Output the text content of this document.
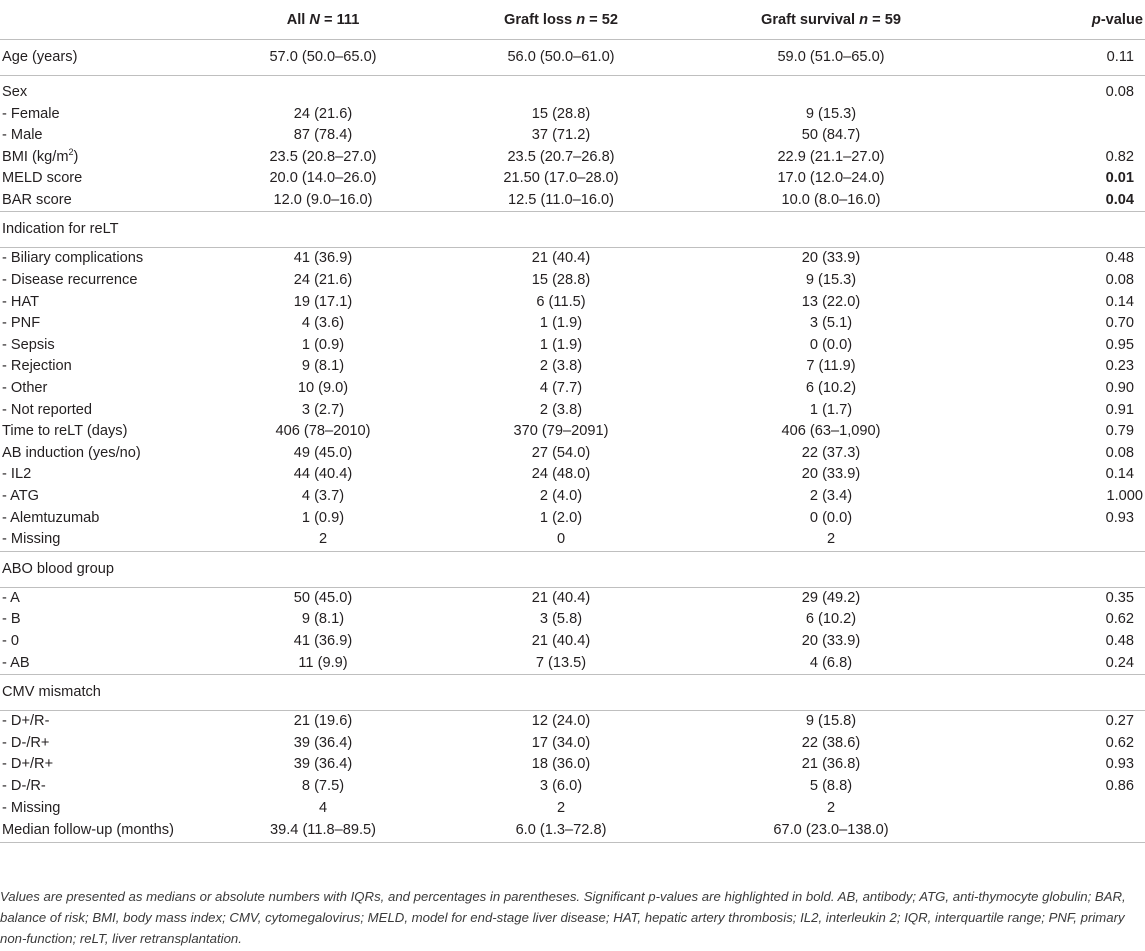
	All N = 111	Graft loss n = 52	Graft survival n = 59	p-value
Age (years)	57.0 (50.0–65.0)	56.0 (50.0–61.0)	59.0 (51.0–65.0)	0.11
Sex				0.08
- Female	24 (21.6)	15 (28.8)	9 (15.3)	
- Male	87 (78.4)	37 (71.2)	50 (84.7)	
BMI $(kg/m^2)$	23.5 (20.8–27.0)	23.5 (20.7–26.8)	22.9 (21.1–27.0)	0.82
MELD score	20.0 (14.0–26.0)	21.50 (17.0–28.0)	17.0 (12.0–24.0)	0.01
BAR score	12.0 (9.0–16.0)	12.5 (11.0–16.0)	10.0 (8.0–16.0)	0.04
Indication for reLT				
- Biliary complications	41 (36.9)	21 (40.4)	20 (33.9)	0.48
- Disease recurrence	24 (21.6)	15 (28.8)	9 (15.3)	0.08
- HAT	19 (17.1)	6 (11.5)	13 (22.0)	0.14
- PNF	4 (3.6)	1 (1.9)	3 (5.1)	0.70
- Sepsis	1 (0.9)	1 (1.9)	0 (0.0)	0.95
- Rejection	9 (8.1)	2 (3.8)	7 (11.9)	0.23
- Other	10 (9.0)	4 (7.7)	6 (10.2)	0.90
- Not reported	3 (2.7)	2 (3.8)	1 (1.7)	0.91
Time to reLT (days)	406 (78–2010)	370 (79–2091)	406 (63–1,090)	0.79
AB induction (yes/no)	49 (45.0)	27 (54.0)	22 (37.3)	0.08
- IL2	44 (40.4)	24 (48.0)	20 (33.9)	0.14
- ATG	4 (3.7)	2 (4.0)	2 (3.4)	1.000
- Alemtuzumab	1 (0.9)	1 (2.0)	0 (0.0)	0.93
- Missing	2	0	2	
ABO blood group				
- A	50 (45.0)	21 (40.4)	29 (49.2)	0.35
- B	9 (8.1)	3 (5.8)	6 (10.2)	0.62
- 0	41 (36.9)	21 (40.4)	20 (33.9)	0.48
- AB	11 (9.9)	7 (13.5)	4 (6.8)	0.24
CMV mismatch				
- D+/R-	21 (19.6)	12 (24.0)	9 (15.8)	0.27
- D-/R+	39 (36.4)	17 (34.0)	22 (38.6)	0.62
- D+/R+	39 (36.4)	18 (36.0)	21 (36.8)	0.93
- D-/R-	8 (7.5)	3 (6.0)	5 (8.8)	0.86
- Missing	4	2	2	
Median follow-up (months)	39.4 (11.8–89.5)	6.0 (1.3–72.8)	67.0 (23.0–138.0)	
Values are presented as medians or absolute numbers with IQRs, and percentages in parentheses. Significant p-values are highlighted in bold. AB, antibody; ATG, anti-thymocyte globulin; BAR, balance of risk; BMI, body mass index; CMV, cytomegalovirus; MELD, model for end-stage liver disease; HAT, hepatic artery thrombosis; IL2, interleukin 2; IQR, interquartile range; PNF, primary non-function; reLT, liver retransplantation.
